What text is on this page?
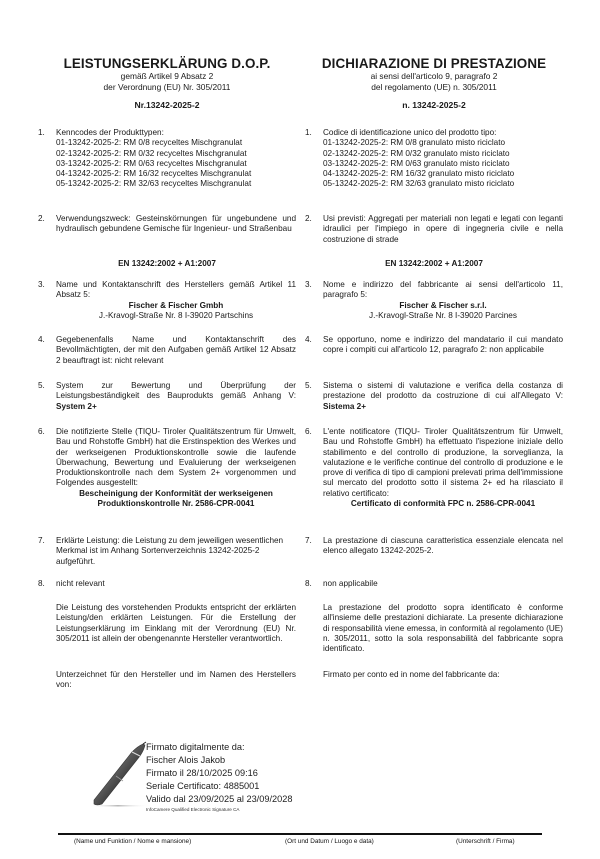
LEISTUNGSERKLÄRUNG D.O.P.
gemäß Artikel 9 Absatz 2
der Verordnung (EU) Nr. 305/2011
Nr.13242-2025-2
1.	Kenncodes der Produkttypen:
01-13242-2025-2: RM 0/8 recyceltes Mischgranulat
02-13242-2025-2: RM 0/32 recyceltes Mischgranulat
03-13242-2025-2: RM 0/63 recyceltes Mischgranulat
04-13242-2025-2: RM 16/32 recyceltes Mischgranulat
05-13242-2025-2: RM 32/63 recyceltes Mischgranulat
2.	Verwendungszweck: Gesteinskörnungen für ungebundene und hydraulisch gebundene Gemische für Ingenieur- und Straßenbau
EN 13242:2002 + A1:2007
3.	Name und Kontaktanschrift des Herstellers gemäß Artikel 11 Absatz 5:
Fischer & Fischer Gmbh
J.-Kravogl-Straße Nr. 8 I-39020 Partschins
4.	Gegebenenfalls Name und Kontaktanschrift des Bevollmächtigten, der mit den Aufgaben gemäß Artikel 12 Absatz 2 beauftragt ist: nicht relevant
5.	System zur Bewertung und Überprüfung der Leistungsbeständigkeit des Bauprodukts gemäß Anhang V: System 2+
6.	Die notifizierte Stelle (TIQU- Tiroler Qualitätszentrum für Umwelt, Bau und Rohstoffe GmbH) hat die Erstinspektion des Werkes und der werkseigenen Produktionskontrolle sowie die laufende Überwachung, Bewertung und Evaluierung der werkseigenen Produktionskontrolle nach dem System 2+ vorgenommen und Folgendes ausgestellt:
Bescheinigung der Konformität der werkseigenen
Produktionskontrolle Nr. 2586-CPR-0041
7.	Erklärte Leistung: die Leistung zu dem jeweiligen wesentlichen Merkmal ist im Anhang Sortenverzeichnis 13242-2025-2 aufgeführt.
8.	nicht relevant
Die Leistung des vorstehenden Produkts entspricht der erklärten Leistung/den erklärten Leistungen. Für die Erstellung der Leistungserklärung im Einklang mit der Verordnung (EU) Nr. 305/2011 ist allein der obengenannte Hersteller verantwortlich.
Unterzeichnet für den Hersteller und im Namen des Herstellers von:
DICHIARAZIONE DI PRESTAZIONE
ai sensi dell'articolo 9, paragrafo 2
del regolamento (UE) n. 305/2011
n. 13242-2025-2
1.	Codice di identificazione unico del prodotto tipo:
01-13242-2025-2: RM 0/8 granulato misto riciclato
02-13242-2025-2: RM 0/32 granulato misto riciclato
03-13242-2025-2: RM 0/63 granulato misto riciclato
04-13242-2025-2: RM 16/32 granulato misto riciclato
05-13242-2025-2: RM 32/63 granulato misto riciclato
2.	Usi previsti: Aggregati per materiali non legati e legati con leganti idraulici per l'impiego in opere di ingegneria civile e nella costruzione di strade
EN 13242:2002 + A1:2007
3.	Nome e indirizzo del fabbricante ai sensi dell'articolo 11, paragrafo 5:
Fischer & Fischer s.r.l.
J.-Kravogl-Straße Nr. 8 I-39020 Parcines
4.	Se opportuno, nome e indirizzo del mandatario il cui mandato copre i compiti cui all'articolo 12, paragrafo 2: non applicabile
5.	Sistema o sistemi di valutazione e verifica della costanza di prestazione del prodotto da costruzione di cui all'Allegato V: Sistema 2+
6.	L'ente notificatore (TIQU- Tiroler Qualitätszentrum für Umwelt, Bau und Rohstoffe GmbH) ha effettuato l'ispezione iniziale dello stabilimento e del controllo di produzione, la sorveglianza, la valutazione e le verifiche continue del controllo di produzione e le prove di verifica di tipo di campioni prelevati prima dell'immissione sul mercato del prodotto sotto il sistema 2+ ed ha rilasciato il relativo certificato:
Certificato di conformità FPC n. 2586-CPR-0041
7.	La prestazione di ciascuna caratteristica essenziale elencata nel elenco allegato 13242-2025-2.
8.	non applicabile
La prestazione del prodotto sopra identificato è conforme all'insieme delle prestazioni dichiarate. La presente dichiarazione di responsabilità viene emessa, in conformità al regolamento (UE) n. 305/2011, sotto la sola responsabilità del fabbricante sopra identificato.
Firmato per conto ed in nome del fabbricante da:
Firmato digitalmente da:
Fischer Alois Jakob
Firmato il 28/10/2025 09:16
Seriale Certificato: 4885001
Valido dal 23/09/2025 al 23/09/2028
InfoCamere Qualified Electronic Signature CA
(Name und Funktion / Nome e mansione)	(Ort und Datum / Luogo e data)	(Unterschrift / Firma)
